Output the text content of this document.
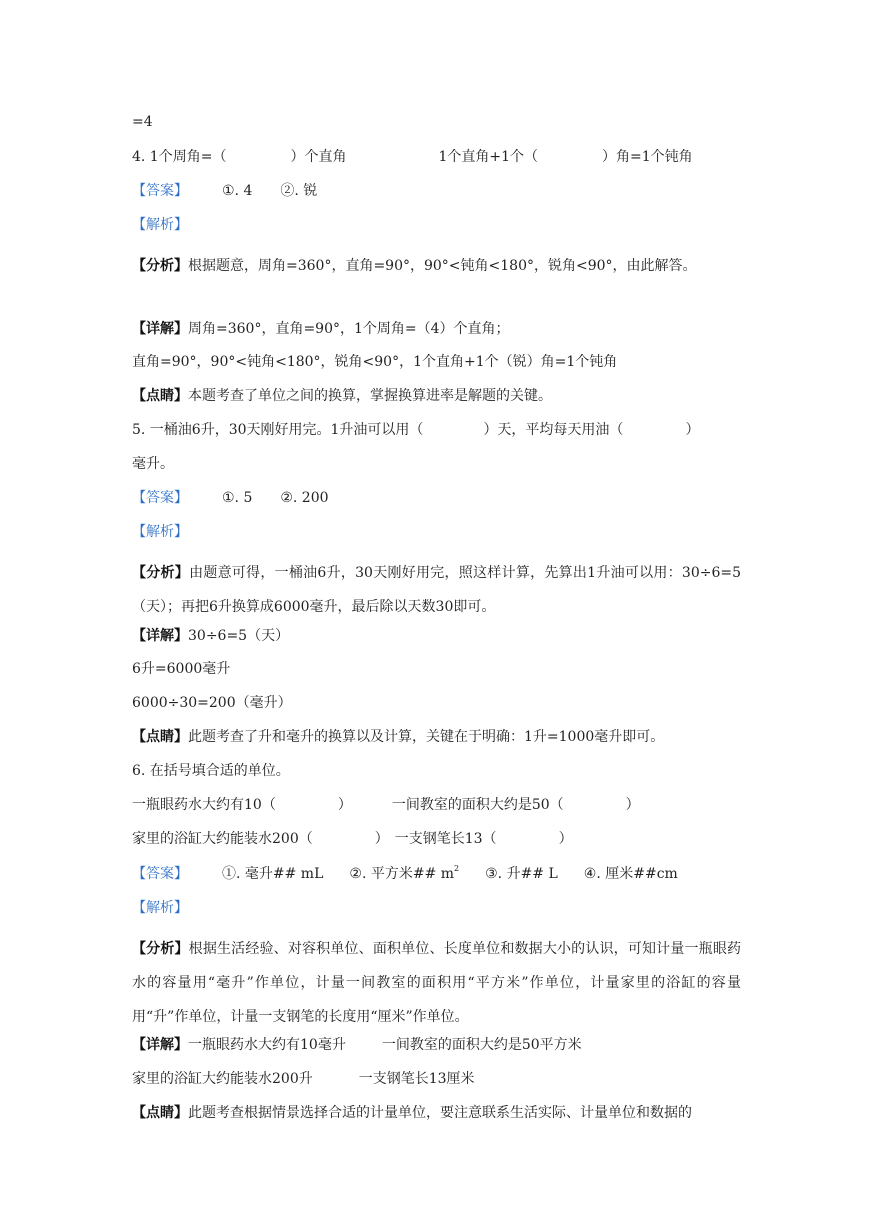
=4
4. 1个周角=（	）个直角	1个直角+1个（	）角=1个钝角
【答案】 ①. 4 ②. 锐
【解析】
【分析】根据题意，周角=360°，直角=90°，90°<钝角<180°，锐角<90°，由此解答。
【详解】周角=360°，直角=90°，1个周角=（4）个直角；
直角=90°，90°<钝角<180°，锐角<90°，1个直角+1个（锐）角=1个钝角
【点睛】本题考查了单位之间的换算，掌握换算进率是解题的关键。
5. 一桶油6升，30天刚好用完。1升油可以用（	）天，平均每天用油（	）
毫升。
【答案】 ①. 5 ②. 200
【解析】
【分析】由题意可得，一桶油6升，30天刚好用完，照这样计算，先算出1升油可以用：30÷6=5（天）；再把6升换算成6000毫升，最后除以天数30即可。
【详解】30÷6=5（天）
6升=6000毫升
6000÷30=200（毫升）
【点睛】此题考查了升和毫升的换算以及计算，关键在于明确：1升=1000毫升即可。
6. 在括号填合适的单位。
一瓶眼药水大约有10（	）	一间教室的面积大约是50（	）
家里的浴缸大约能装水200（	） 一支钢笔长13（	）
【答案】 ①. 毫升## mL ②. 平方米## $m^2$ ③. 升## L ④. 厘米##cm
【解析】
【分析】根据生活经验、对容积单位、面积单位、长度单位和数据大小的认识，可知计量一瓶眼药水的容量用“毫升”作单位，计量一间教室的面积用“平方米”作单位，计量家里的浴缸的容量用“升”作单位，计量一支钢笔的长度用“厘米”作单位。
【详解】一瓶眼药水大约有10毫升	一间教室的面积大约是50平方米
家里的浴缸大约能装水200升	一支钢笔长13厘米
【点睛】此题考查根据情景选择合适的计量单位，要注意联系生活实际、计量单位和数据的
